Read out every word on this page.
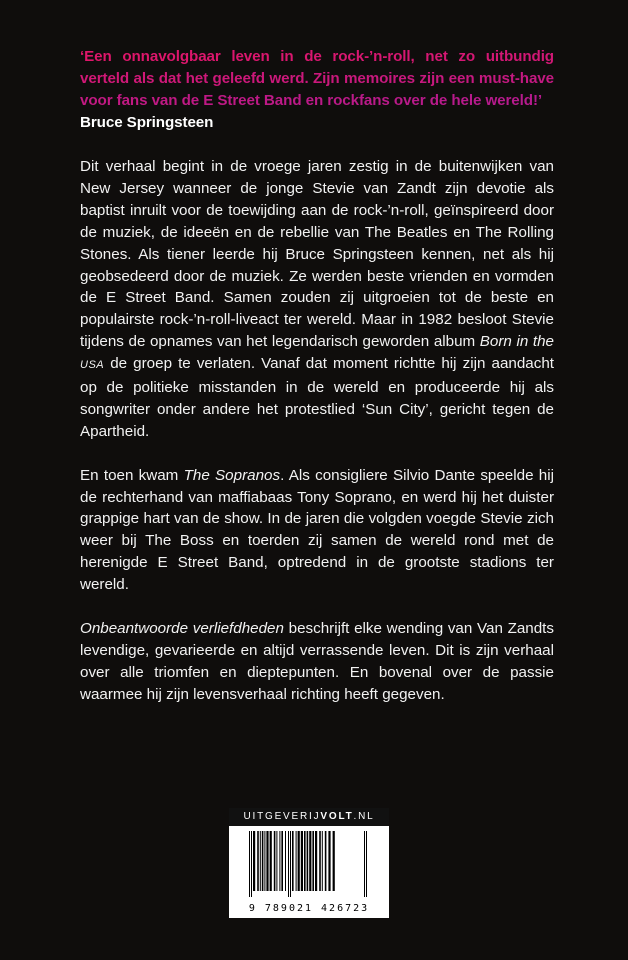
‘Een onnavolgbaar leven in de rock-’n-roll, net zo uitbundig verteld als dat het geleefd werd. Zijn memoires zijn een must-have voor fans van de E Street Band en rockfans over de hele wereld!’
Bruce Springsteen

Dit verhaal begint in de vroege jaren zestig in de buitenwijken van New Jersey wanneer de jonge Stevie van Zandt zijn devotie als baptist inruilt voor de toewijding aan de rock-’n-roll, geïnspireerd door de muziek, de ideeën en de rebellie van The Beatles en The Rolling Stones. Als tiener leerde hij Bruce Springsteen kennen, net als hij geobsedeerd door de muziek. Ze werden beste vrienden en vormden de E Street Band. Samen zouden zij uitgroeien tot de beste en populairste rock-’n-roll-liveact ter wereld. Maar in 1982 besloot Stevie tijdens de opnames van het legendarisch geworden album Born in the USA de groep te verlaten. Vanaf dat moment richtte hij zijn aandacht op de politieke misstanden in de wereld en produceerde hij als songwriter onder andere het protestlied ‘Sun City’, gericht tegen de Apartheid.

En toen kwam The Sopranos. Als consigliere Silvio Dante speelde hij de rechterhand van maffiabaas Tony Soprano, en werd hij het duister grappige hart van de show. In de jaren die volgden voegde Stevie zich weer bij The Boss en toerden zij samen de wereld rond met de herenigde E Street Band, optredend in de grootste stadions ter wereld.

Onbeantwoorde verliefdheden beschrijft elke wending van Van Zandts levendige, gevarieerde en altijd verrassende leven. Dit is zijn verhaal over alle triomfen en dieptepunten. En bovenal over de passie waarmee hij zijn levensverhaal richting heeft gegeven.

UITGEVERIJVOLT.NL
9 789021 426723
